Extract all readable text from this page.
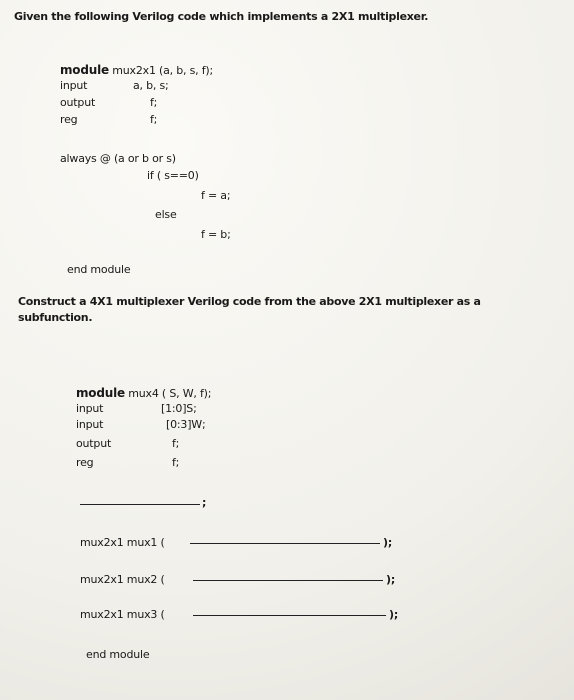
Given the following Verilog code which implements a 2X1 multiplexer.
module mux2x1 (a, b, s, f);
input	a, b, s;
output	f;
reg	f;
always @ (a or b or s)
if ( s==0)
f = a;
else
f = b;
end module
Construct a 4X1 multiplexer Verilog code from the above 2X1 multiplexer as a
subfunction.
module mux4 ( S, W, f);
input	[1:0]S;
input	[0:3]W;
output	f;
reg	f;
;
mux2x1 mux1 (	);
mux2x1 mux2 (	);
mux2x1 mux3 (	);
end module
